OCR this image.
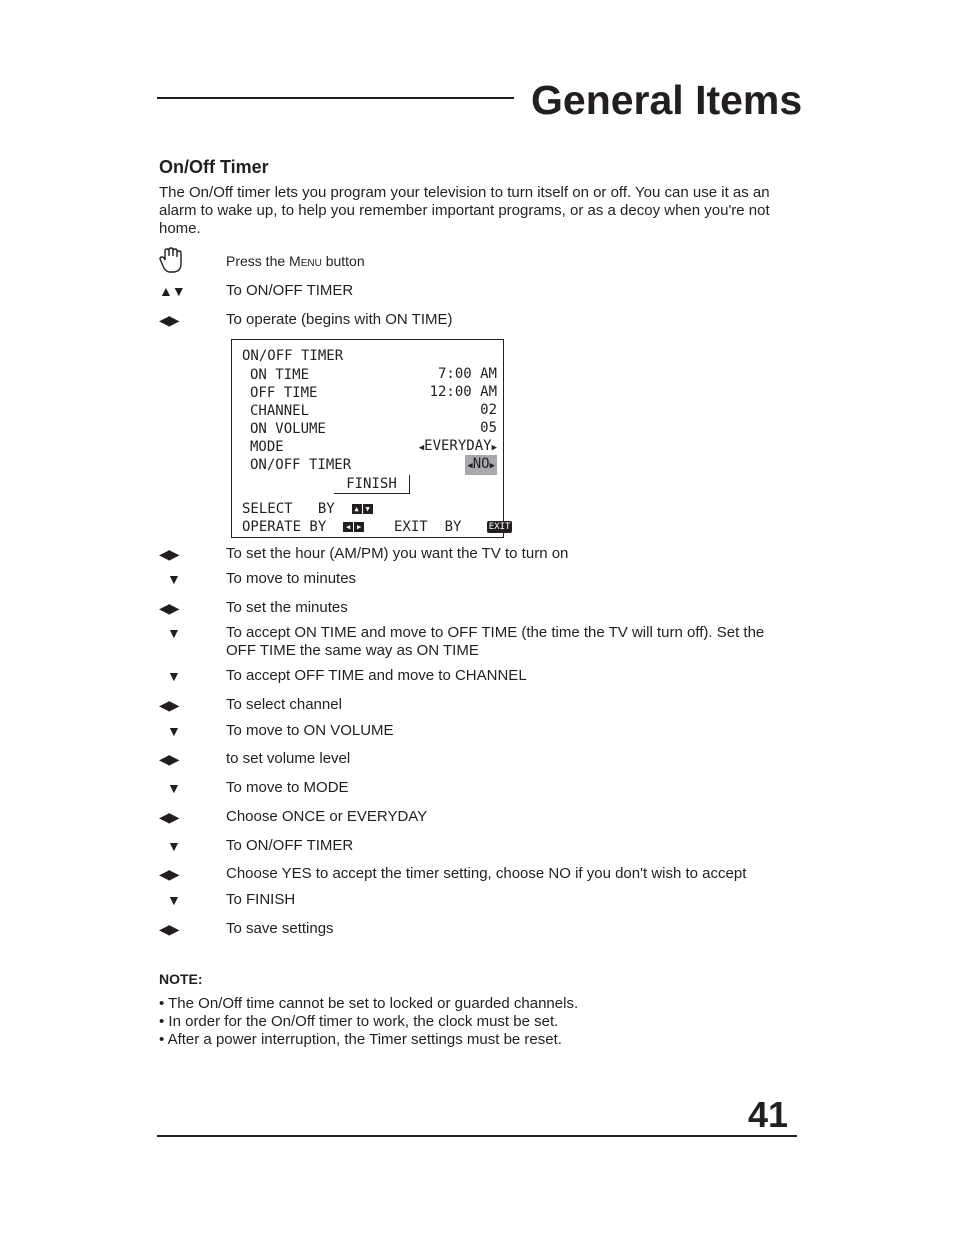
General Items
On/Off Timer
The On/Off timer lets you program your television to turn itself on or off. You can use it as an alarm to wake up, to help you remember important programs, or as a decoy when you're not home.
Press the Menu button
▲▼	To ON/OFF TIMER
◀▶	To operate (begins with ON TIME)
ON/OFF TIMER
ON TIME	7:00 AM
OFF TIME	12:00 AM
CHANNEL	02
ON VOLUME	05
MODE	◀EVERYDAY▶
ON/OFF TIMER	◀NO▶
FINISH
SELECT BY	▲ ▼
OPERATE BY	◀ ▶ EXIT BY	EXIT
◀▶	To set the hour (AM/PM) you want the TV to turn on
▼	To move to minutes
◀▶	To set the minutes
▼	To accept ON TIME and move to OFF TIME (the time the TV will turn off). Set the OFF TIME the same way as ON TIME
▼	To accept OFF TIME and move to CHANNEL
◀▶	To select channel
▼	To move to ON VOLUME
◀▶	to set volume level
▼	To move to MODE
◀▶	Choose ONCE or EVERYDAY
▼	To ON/OFF TIMER
◀▶	Choose YES to accept the timer setting, choose NO if you don't wish to accept
▼	To FINISH
◀▶	To save settings
NOTE:
• The On/Off time cannot be set to locked or guarded channels.
• In order for the On/Off timer to work, the clock must be set.
• After a power interruption, the Timer settings must be reset.
41
